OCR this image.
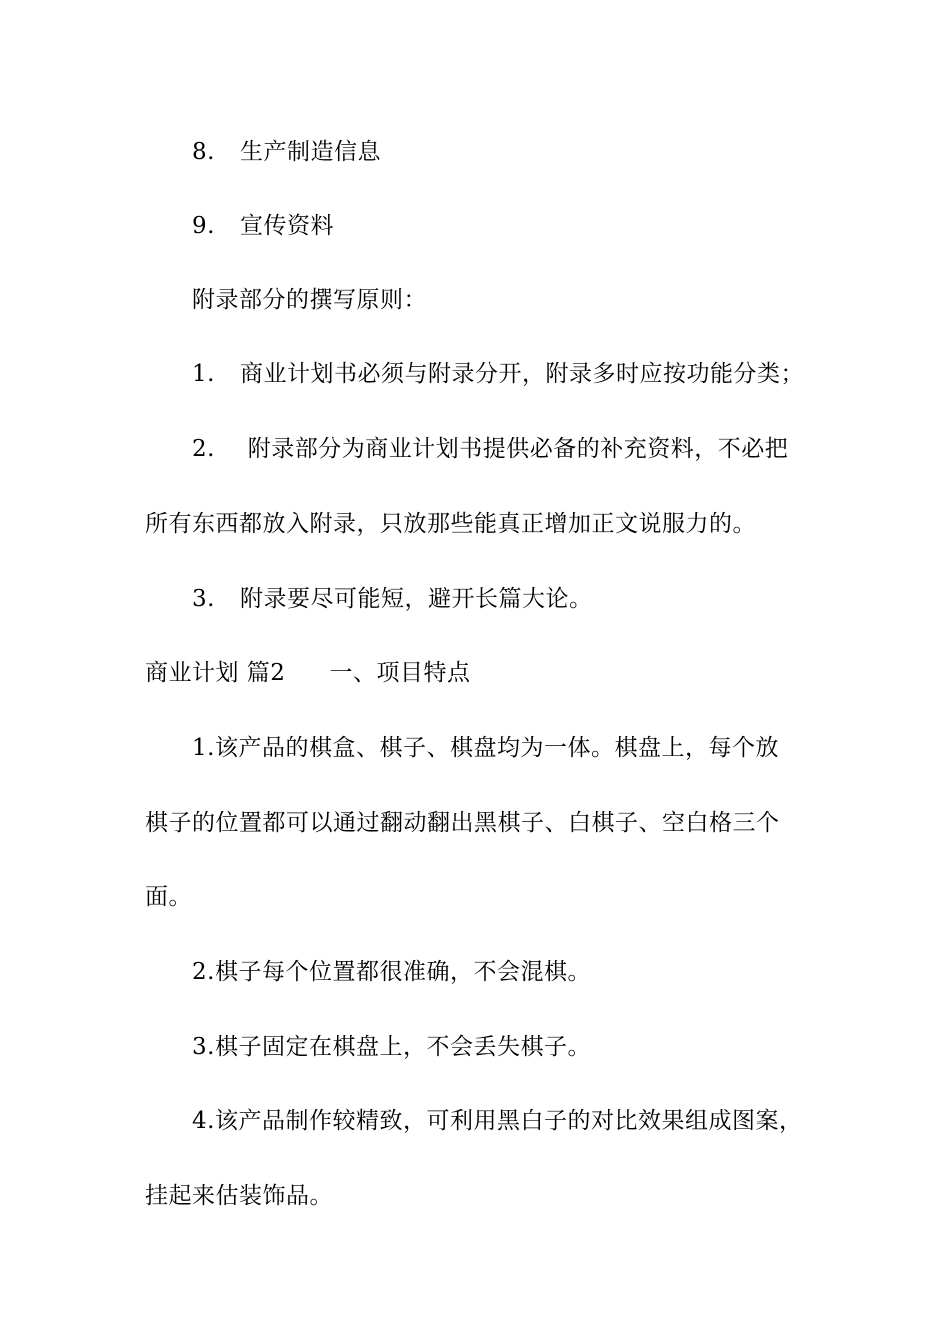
8. 生产制造信息
9. 宣传资料
附录部分的撰写原则：
1. 商业计划书必须与附录分开，附录多时应按功能分类；
2. 附录部分为商业计划书提供必备的补充资料，不必把
所有东西都放入附录，只放那些能真正增加正文说服力的。
3. 附录要尽可能短，避开长篇大论。
商业计划 篇2 一、项目特点
1.该产品的棋盒、棋子、棋盘均为一体。棋盘上，每个放
棋子的位置都可以通过翻动翻出黑棋子、白棋子、空白格三个
面。
2.棋子每个位置都很准确，不会混棋。
3.棋子固定在棋盘上，不会丢失棋子。
4.该产品制作较精致，可利用黑白子的对比效果组成图案，
挂起来估装饰品。
